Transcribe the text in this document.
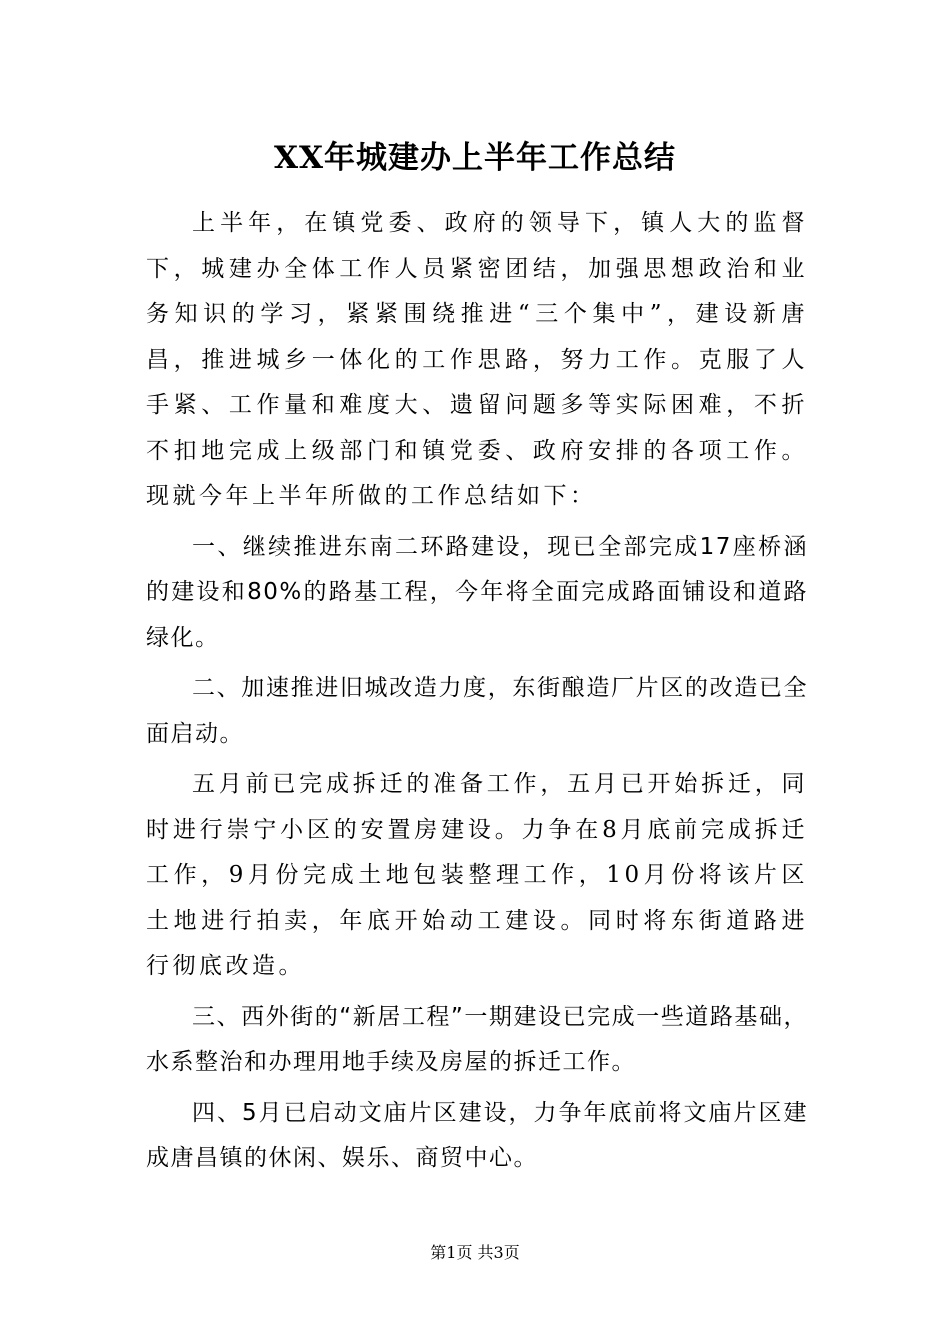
XX年城建办上半年工作总结

上半年，在镇党委、政府的领导下，镇人大的监督下，城建办全体工作人员紧密团结，加强思想政治和业务知识的学习，紧紧围绕推进“三个集中”，建设新唐昌，推进城乡一体化的工作思路，努力工作。克服了人手紧、工作量和难度大、遗留问题多等实际困难，不折不扣地完成上级部门和镇党委、政府安排的各项工作。现就今年上半年所做的工作总结如下：

一、继续推进东南二环路建设，现已全部完成17座桥涵的建设和80%的路基工程，今年将全面完成路面铺设和道路绿化。

二、加速推进旧城改造力度，东街酿造厂片区的改造已全面启动。

五月前已完成拆迁的准备工作，五月已开始拆迁，同时进行崇宁小区的安置房建设。力争在8月底前完成拆迁工作，9月份完成土地包装整理工作，10月份将该片区土地进行拍卖，年底开始动工建设。同时将东街道路进行彻底改造。

三、西外街的“新居工程”一期建设已完成一些道路基础，水系整治和办理用地手续及房屋的拆迁工作。

四、5月已启动文庙片区建设，力争年底前将文庙片区建成唐昌镇的休闲、娱乐、商贸中心。

第1页 共3页
